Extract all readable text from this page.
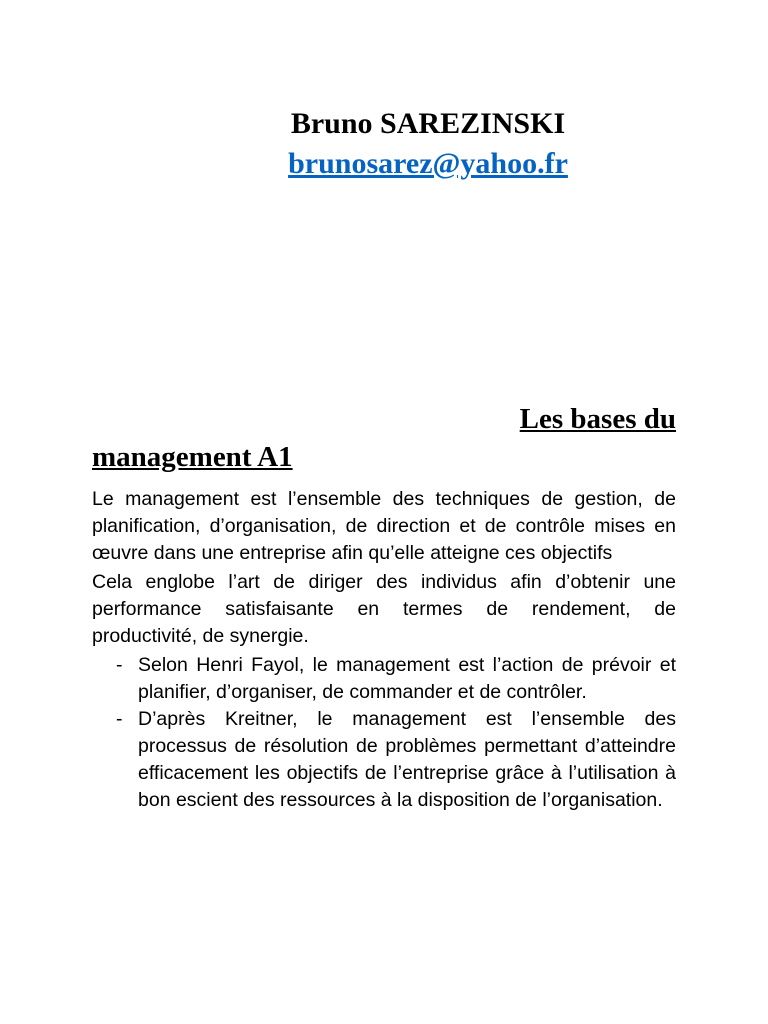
Bruno SAREZINSKI
brunosarez@yahoo.fr
Les bases du
management A1

Le management est l’ensemble des techniques de gestion, de planification, d’organisation, de direction et de contrôle mises en œuvre dans une entreprise afin qu’elle atteigne ces objectifs

Cela englobe l’art de diriger des individus afin d’obtenir une performance satisfaisante en termes de rendement, de productivité, de synergie.

- Selon Henri Fayol, le management est l’action de prévoir et planifier, d’organiser, de commander et de contrôler.
- D’après Kreitner, le management est l’ensemble des processus de résolution de problèmes permettant d’atteindre efficacement les objectifs de l’entreprise grâce à l’utilisation à bon escient des ressources à la disposition de l’organisation.
